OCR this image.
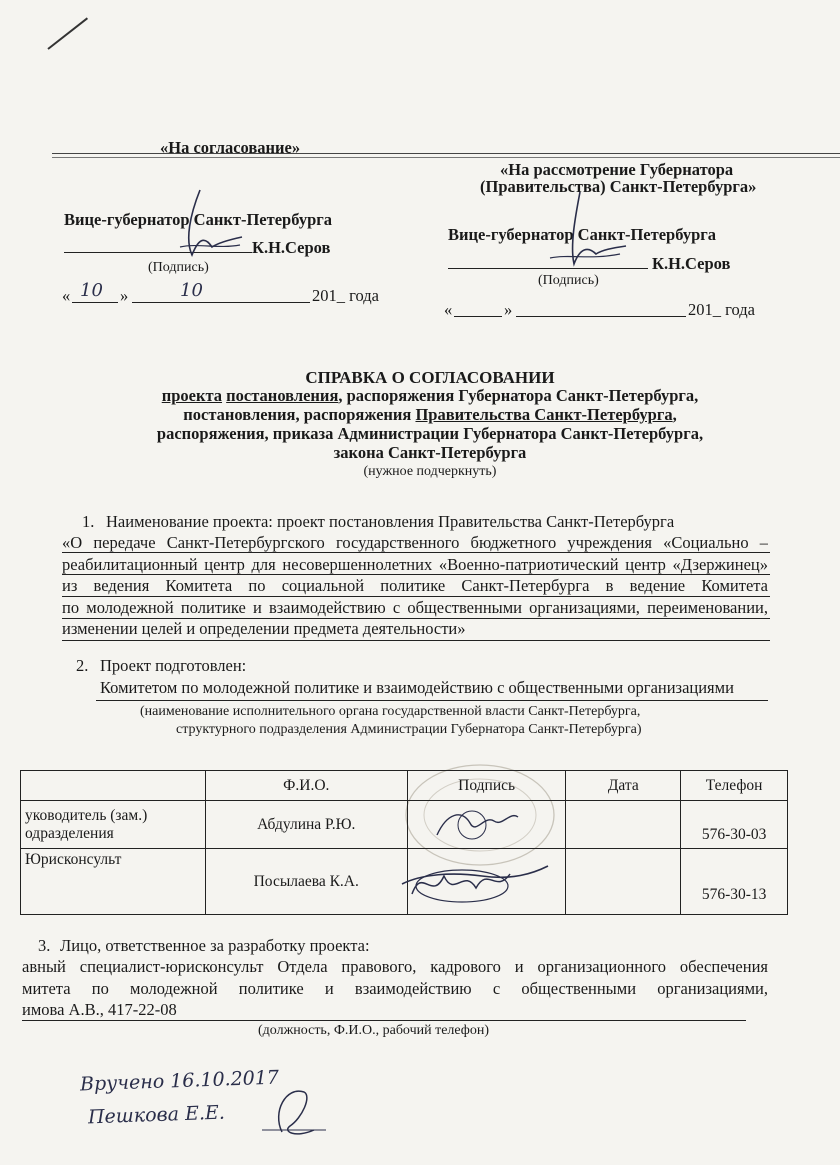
«На согласование»
Вице-губернатор Санкт-Петербурга
К.Н.Серов
(Подпись)
« 10 »	10	201_ года
«На рассмотрение Губернатора
(Правительства) Санкт-Петербурга»
Вице-губернатор Санкт-Петербурга
К.Н.Серов
(Подпись)
«	»	201_ года
СПРАВКА О СОГЛАСОВАНИИ
проекта постановления, распоряжения Губернатора Санкт-Петербурга,
постановления, распоряжения Правительства Санкт-Петербурга,
распоряжения, приказа Администрации Губернатора Санкт-Петербурга,
закона Санкт-Петербурга
(нужное подчеркнуть)
1. Наименование проекта: проект постановления Правительства Санкт-Петербурга
«О передаче Санкт-Петербургского государственного бюджетного учреждения «Социально –
реабилитационный центр для несовершеннолетних «Военно-патриотический центр «Дзержинец»
из ведения Комитета по социальной политике Санкт-Петербурга в ведение Комитета
по молодежной политике и взаимодействию с общественными организациями, переименовании,
изменении целей и определении предмета деятельности»
2. Проект подготовлен:
Комитетом по молодежной политике и взаимодействию с общественными организациями
(наименование исполнительного органа государственной власти Санкт-Петербурга,
структурного подразделения Администрации Губернатора Санкт-Петербурга)
	Ф.И.О.	Подпись	Дата	Телефон
уководитель (зам.)
одразделения	Абдулина Р.Ю.			576-30-03
Юрисконсульт	Посылаева К.А.			576-30-13
3. Лицо, ответственное за разработку проекта:
авный специалист-юрисконсульт Отдела правового, кадрового и организационного обеспечения
митета по молодежной политике и взаимодействию с общественными организациями,
имова А.В., 417-22-08
(должность, Ф.И.О., рабочий телефон)
Вручено 16.10.2017
Пешкова Е.Е.
